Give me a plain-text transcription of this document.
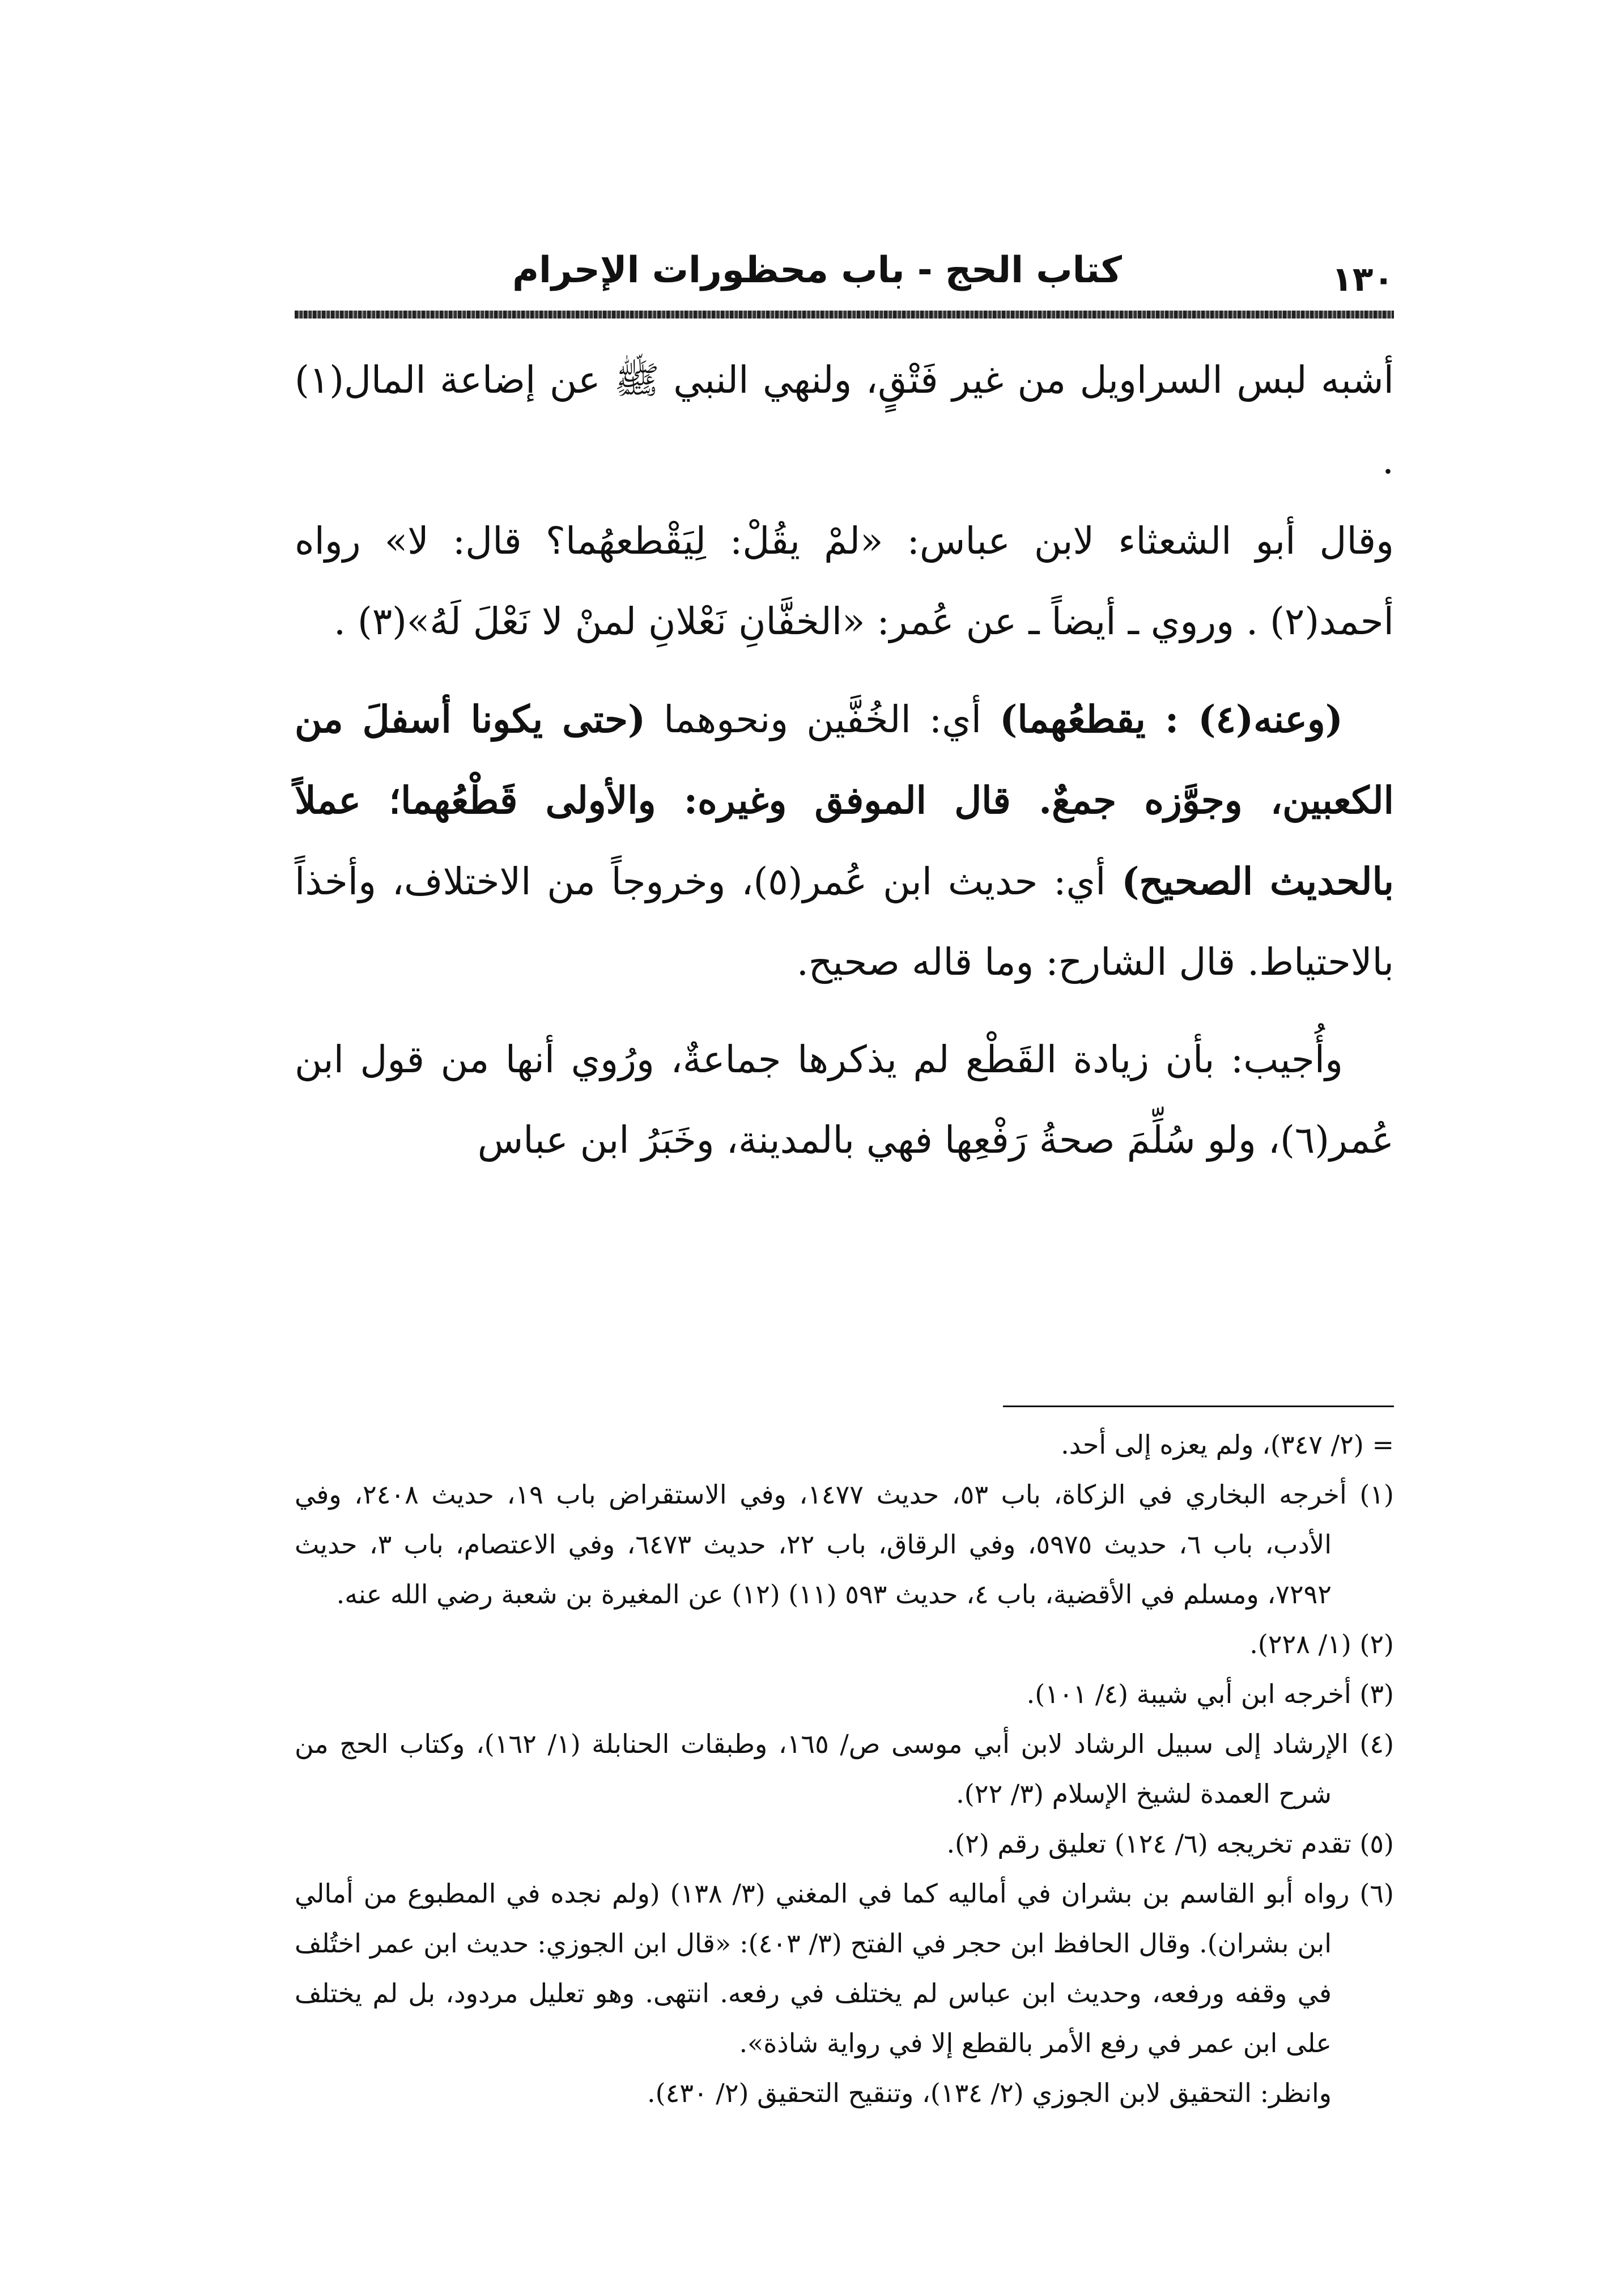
كتاب الحج - باب محظورات الإحرام	١٣٠

أشبه لبس السراويل من غير فَتْقٍ، ولنهي النبي ﷺ عن إضاعة المال(١) .

وقال أبو الشعثاء لابن عباس: «لمْ يقُلْ: لِيَقْطعهُما؟ قال: لا» رواه أحمد(٢) . وروي ـ أيضاً ـ عن عُمر: «الخفَّانِ نَعْلانِ لمنْ لا نَعْلَ لَهُ»(٣) .

(وعنه(٤) : يقطعُهما) أي: الخُفَّين ونحوهما (حتى يكونا أسفلَ من الكعبين، وجوَّزه جمعٌ. قال الموفق وغيره: والأولى قَطْعُهما؛ عملاً بالحديث الصحيح) أي: حديث ابن عُمر(٥)، وخروجاً من الاختلاف، وأخذاً بالاحتياط. قال الشارح: وما قاله صحيح.

وأُجيب: بأن زيادة القَطْع لم يذكرها جماعةٌ، ورُوي أنها من قول ابن عُمر(٦)، ولو سُلِّمَ صحةُ رَفْعِها فهي بالمدينة، وخَبَرُ ابن عباس

= (٢/ ٣٤٧)، ولم يعزه إلى أحد.

(١) أخرجه البخاري في الزكاة، باب ٥٣، حديث ١٤٧٧، وفي الاستقراض باب ١٩، حديث ٢٤٠٨، وفي الأدب، باب ٦، حديث ٥٩٧٥، وفي الرقاق، باب ٢٢، حديث ٦٤٧٣، وفي الاعتصام، باب ٣، حديث ٧٢٩٢، ومسلم في الأقضية، باب ٤، حديث ٥٩٣ (١١) (١٢) عن المغيرة بن شعبة رضي الله عنه.

(٢) (١/ ٢٢٨).

(٣) أخرجه ابن أبي شيبة (٤/ ١٠١).

(٤) الإرشاد إلى سبيل الرشاد لابن أبي موسى ص/ ١٦٥، وطبقات الحنابلة (١/ ١٦٢)، وكتاب الحج من شرح العمدة لشيخ الإسلام (٣/ ٢٢).

(٥) تقدم تخريجه (٦/ ١٢٤) تعليق رقم (٢).

(٦) رواه أبو القاسم بن بشران في أماليه كما في المغني (٣/ ١٣٨) (ولم نجده في المطبوع من أمالي ابن بشران). وقال الحافظ ابن حجر في الفتح (٣/ ٤٠٣): «قال ابن الجوزي: حديث ابن عمر اختُلف في وقفه ورفعه، وحديث ابن عباس لم يختلف في رفعه. انتهى. وهو تعليل مردود، بل لم يختلف على ابن عمر في رفع الأمر بالقطع إلا في رواية شاذة».

وانظر: التحقيق لابن الجوزي (٢/ ١٣٤)، وتنقيح التحقيق (٢/ ٤٣٠).
